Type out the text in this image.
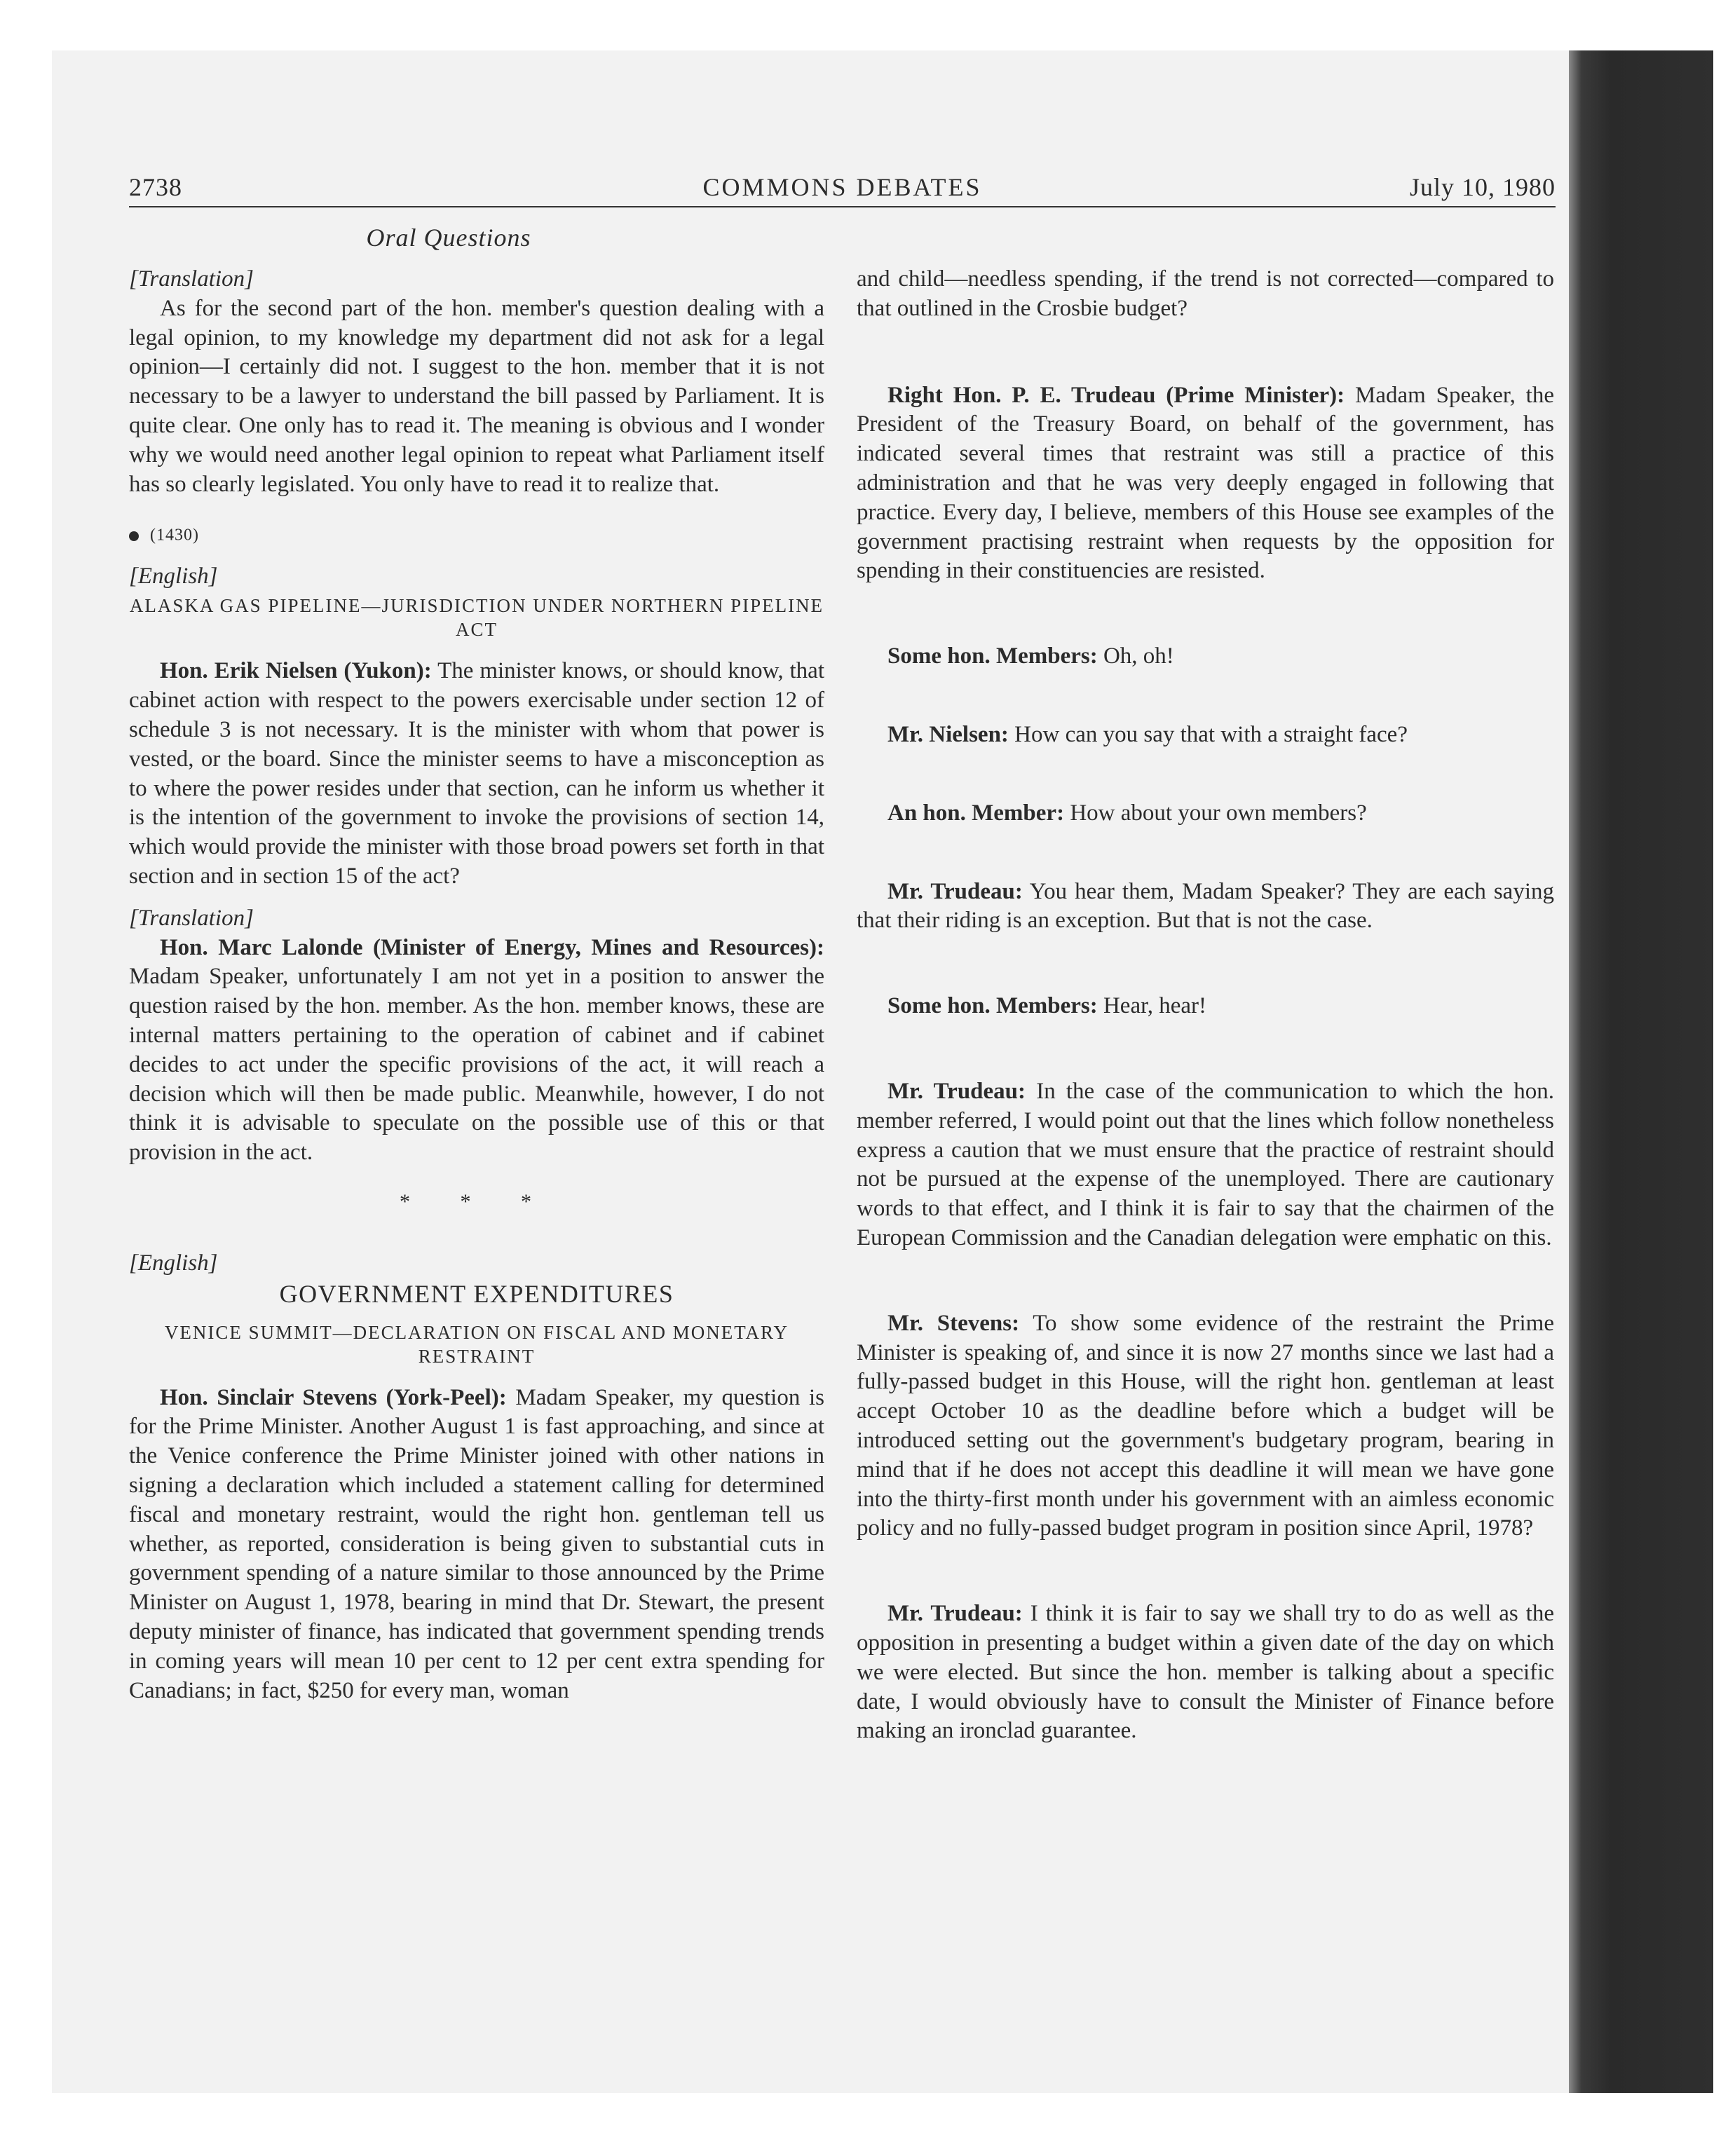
2738	COMMONS DEBATES	July 10, 1980
Oral Questions

[Translation]

As for the second part of the hon. member's question dealing with a legal opinion, to my knowledge my department did not ask for a legal opinion—I certainly did not. I suggest to the hon. member that it is not necessary to be a lawyer to understand the bill passed by Parliament. It is quite clear. One only has to read it. The meaning is obvious and I wonder why we would need another legal opinion to repeat what Parliament itself has so clearly legislated. You only have to read it to realize that.

(1430)

[English]

ALASKA GAS PIPELINE—JURISDICTION UNDER NORTHERN PIPELINE ACT

Hon. Erik Nielsen (Yukon): The minister knows, or should know, that cabinet action with respect to the powers exercisable under section 12 of schedule 3 is not necessary. It is the minister with whom that power is vested, or the board. Since the minister seems to have a misconception as to where the power resides under that section, can he inform us whether it is the intention of the government to invoke the provisions of section 14, which would provide the minister with those broad powers set forth in that section and in section 15 of the act?

[Translation]

Hon. Marc Lalonde (Minister of Energy, Mines and Resources): Madam Speaker, unfortunately I am not yet in a position to answer the question raised by the hon. member. As the hon. member knows, these are internal matters pertaining to the operation of cabinet and if cabinet decides to act under the specific provisions of the act, it will reach a decision which will then be made public. Meanwhile, however, I do not think it is advisable to speculate on the possible use of this or that provision in the act.

* * *

[English]

GOVERNMENT EXPENDITURES

VENICE SUMMIT—DECLARATION ON FISCAL AND MONETARY RESTRAINT

Hon. Sinclair Stevens (York-Peel): Madam Speaker, my question is for the Prime Minister. Another August 1 is fast approaching, and since at the Venice conference the Prime Minister joined with other nations in signing a declaration which included a statement calling for determined fiscal and monetary restraint, would the right hon. gentleman tell us whether, as reported, consideration is being given to substantial cuts in government spending of a nature similar to those announced by the Prime Minister on August 1, 1978, bearing in mind that Dr. Stewart, the present deputy minister of finance, has indicated that government spending trends in coming years will mean 10 per cent to 12 per cent extra spending for Canadians; in fact, $250 for every man, woman

and child—needless spending, if the trend is not corrected—compared to that outlined in the Crosbie budget?

Right Hon. P. E. Trudeau (Prime Minister): Madam Speaker, the President of the Treasury Board, on behalf of the government, has indicated several times that restraint was still a practice of this administration and that he was very deeply engaged in following that practice. Every day, I believe, members of this House see examples of the government practising restraint when requests by the opposition for spending in their constituencies are resisted.

Some hon. Members: Oh, oh!

Mr. Nielsen: How can you say that with a straight face?

An hon. Member: How about your own members?

Mr. Trudeau: You hear them, Madam Speaker? They are each saying that their riding is an exception. But that is not the case.

Some hon. Members: Hear, hear!

Mr. Trudeau: In the case of the communication to which the hon. member referred, I would point out that the lines which follow nonetheless express a caution that we must ensure that the practice of restraint should not be pursued at the expense of the unemployed. There are cautionary words to that effect, and I think it is fair to say that the chairmen of the European Commission and the Canadian delegation were emphatic on this.

Mr. Stevens: To show some evidence of the restraint the Prime Minister is speaking of, and since it is now 27 months since we last had a fully-passed budget in this House, will the right hon. gentleman at least accept October 10 as the deadline before which a budget will be introduced setting out the government's budgetary program, bearing in mind that if he does not accept this deadline it will mean we have gone into the thirty-first month under his government with an aimless economic policy and no fully-passed budget program in position since April, 1978?

Mr. Trudeau: I think it is fair to say we shall try to do as well as the opposition in presenting a budget within a given date of the day on which we were elected. But since the hon. member is talking about a specific date, I would obviously have to consult the Minister of Finance before making an ironclad guarantee.
